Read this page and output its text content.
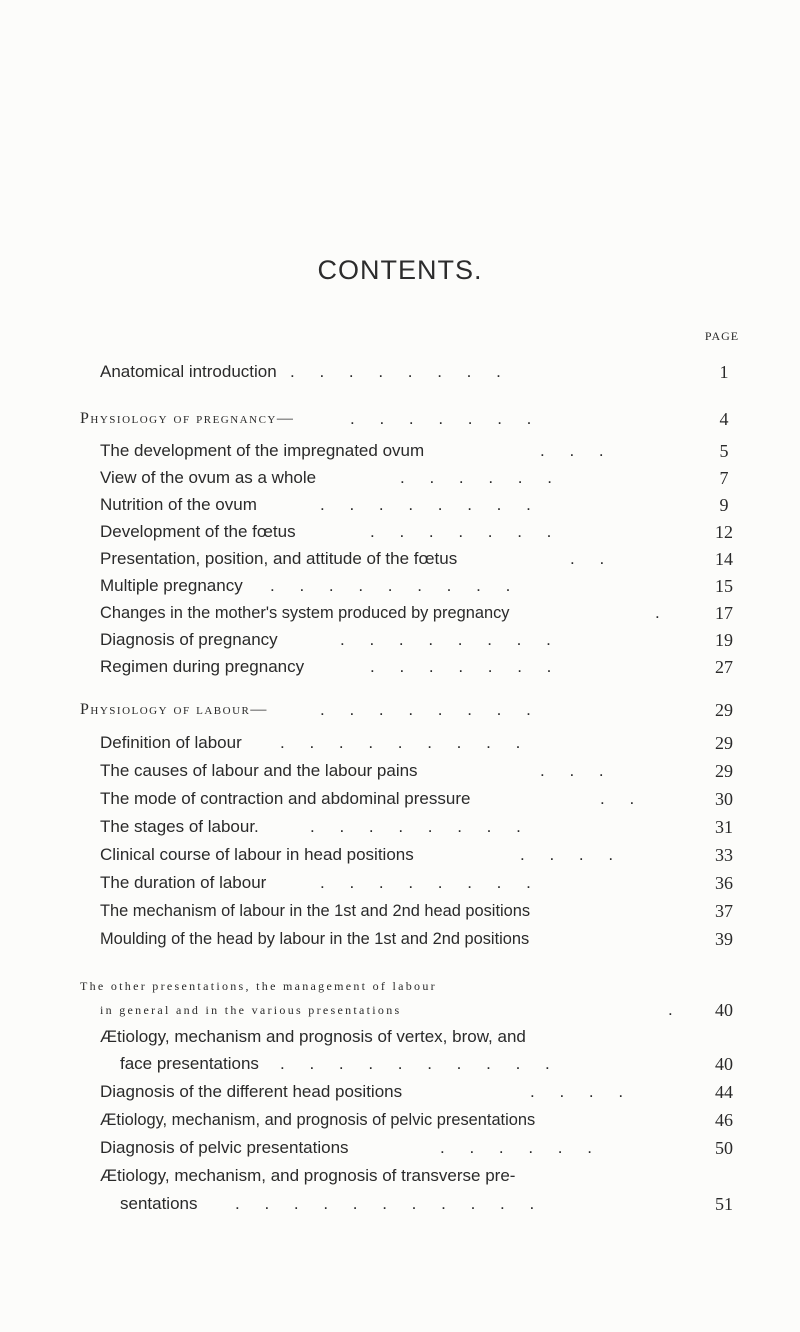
CONTENTS.
PAGE
Anatomical introduction . . . . . . . .	1
Physiology of pregnancy—	. . . . . . .	4
The development of the impregnated ovum	. . .	5
View of the ovum as a whole	. . . . . .	7
Nutrition of the ovum	. . . . . . . .	9
Development of the fœtus	. . . . . . .	12
Presentation, position, and attitude of the fœtus	. .	14
Multiple pregnancy . . . . . . . . .	15
Changes in the mother's system produced by pregnancy	.	17
Diagnosis of pregnancy	. . . . . . . .	19
Regimen during pregnancy	. . . . . . .	27
Physiology of labour—	. . . . . . . .	29
Definition of labour . . . . . . . . .	29
The causes of labour and the labour pains	. . .	29
The mode of contraction and abdominal pressure	. .	30
The stages of labour.	. . . . . . . .	31
Clinical course of labour in head positions	. . . .	33
The duration of labour	. . . . . . . .	36
The mechanism of labour in the 1st and 2nd head positions	37
Moulding of the head by labour in the 1st and 2nd positions	39
The other presentations, the management of labour
in general and in the various presentations	.	40
Ætiology, mechanism and prognosis of vertex, brow, and
face presentations . . . . . . . . . .	40
Diagnosis of the different head positions	. . . .	44
Ætiology, mechanism, and prognosis of pelvic presentations	46
Diagnosis of pelvic presentations	. . . . . .	50
Ætiology, mechanism, and prognosis of transverse pre-
sentations . . . . . . . . . . .	51
